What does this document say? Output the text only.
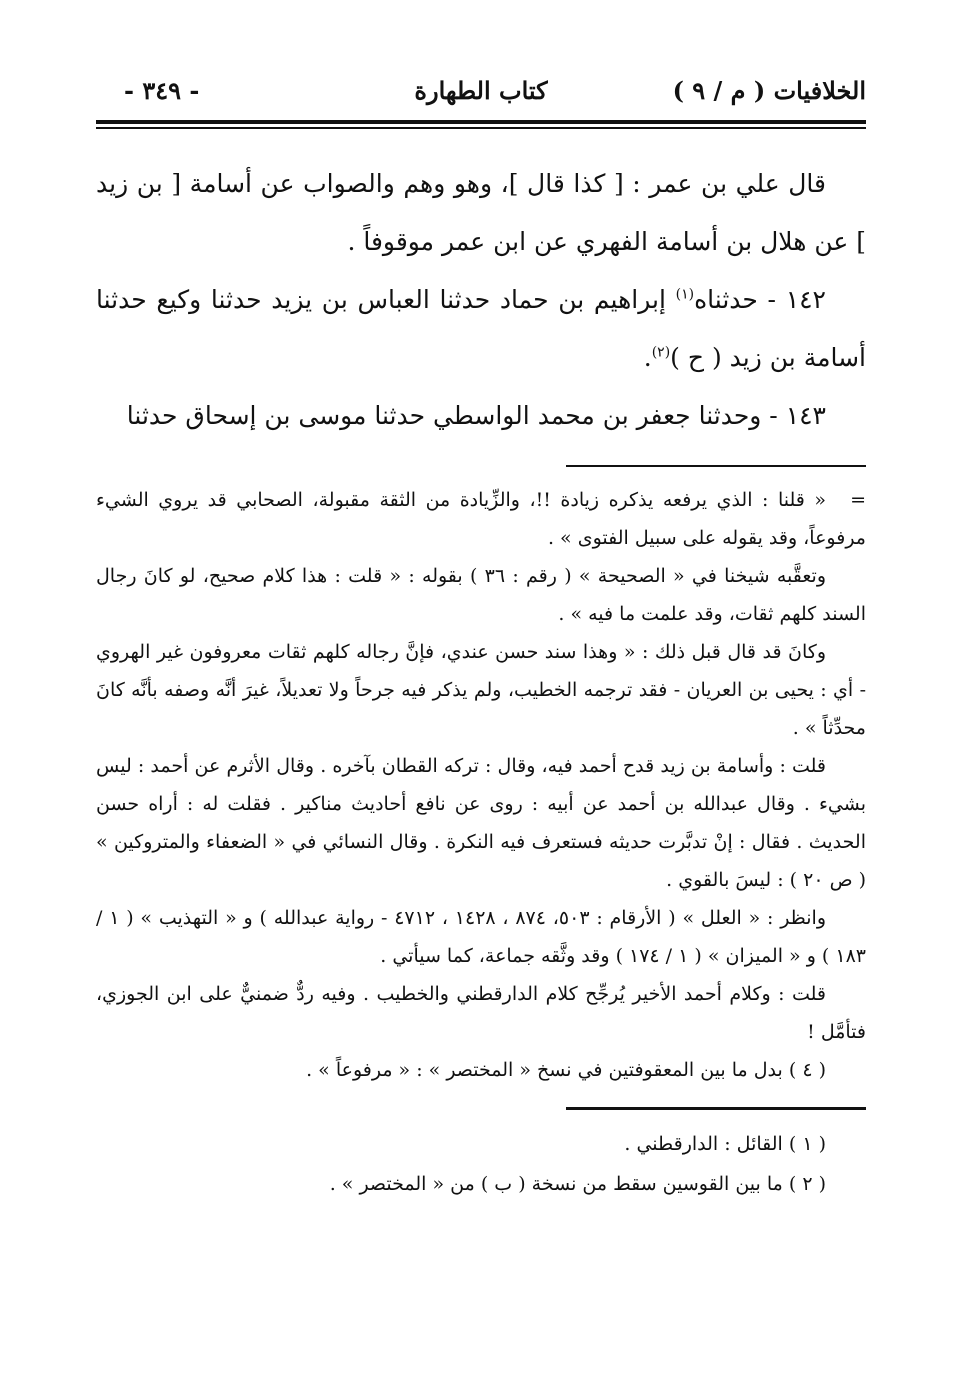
الخلافيات ( م / ٩ )
كتاب الطهارة
- ٣٤٩ -

قال علي بن عمر : [ كذا قال ]، وهو وهم والصواب عن أسامة [ بن زيد ] عن هلال بن أسامة الفهري عن ابن عمر موقوفاً .

١٤٢ - حدثناه$^{(١)}$ إبراهيم بن حماد حدثنا العباس بن يزيد حدثنا وكيع حدثنا أسامة بن زيد ( ح )$^{(٢)}$.

١٤٣ - وحدثنا جعفر بن محمد الواسطي حدثنا موسى بن إسحاق حدثنا

=« قلنا : الذي يرفعه يذكره زيادة !!، والزِّيادة من الثقة مقبولة، الصحابي قد يروي الشيء مرفوعاً، وقد يقوله على سبيل الفتوى » .

وتعقَّبه شيخنا في « الصحيحة » ( رقم : ٣٦ ) بقوله : « قلت : هذا كلام صحيح، لو كانَ رجال السند كلهم ثقات، وقد علمت ما فيه » .

وكانَ قد قال قبل ذلك : « وهذا سند حسن عندي، فإنَّ رجاله كلهم ثقات معروفون غير الهروي - أي : يحيى بن العريان - فقد ترجمه الخطيب، ولم يذكر فيه جرحاً ولا تعديلاً، غيرَ أنَّه وصفه بأنَّه كانَ محدِّثاً » .

قلت : وأسامة بن زيد قدح أحمد فيه، وقال : تركه القطان بآخره . وقال الأثرم عن أحمد : ليس بشيء . وقال عبدالله بن أحمد عن أبيه : روى عن نافع أحاديث مناكير . فقلت له : أراه حسن الحديث . فقال : إنْ تدبَّرت حديثه فستعرف فيه النكرة . وقال النسائي في « الضعفاء والمتروكين » ( ص ٢٠ ) : ليسَ بالقوي .

وانظر : « العلل » ( الأرقام : ٥٠٣، ٨٧٤ ، ١٤٢٨ ، ٤٧١٢ - رواية عبدالله ) و « التهذيب » ( ١ / ١٨٣ ) و « الميزان » ( ١ / ١٧٤ ) وقد وثَّقه جماعة، كما سيأتي .

قلت : وكلام أحمد الأخير يُرجِّح كلام الدارقطني والخطيب . وفيه ردٌّ ضمنيٌّ على ابن الجوزي، فتأمَّل !

( ٤ ) بدل ما بين المعقوفتين في نسخ « المختصر » : « مرفوعاً » .

( ١ ) القائل : الدارقطني .

( ٢ ) ما بين القوسين سقط من نسخة ( ب ) من « المختصر » .
